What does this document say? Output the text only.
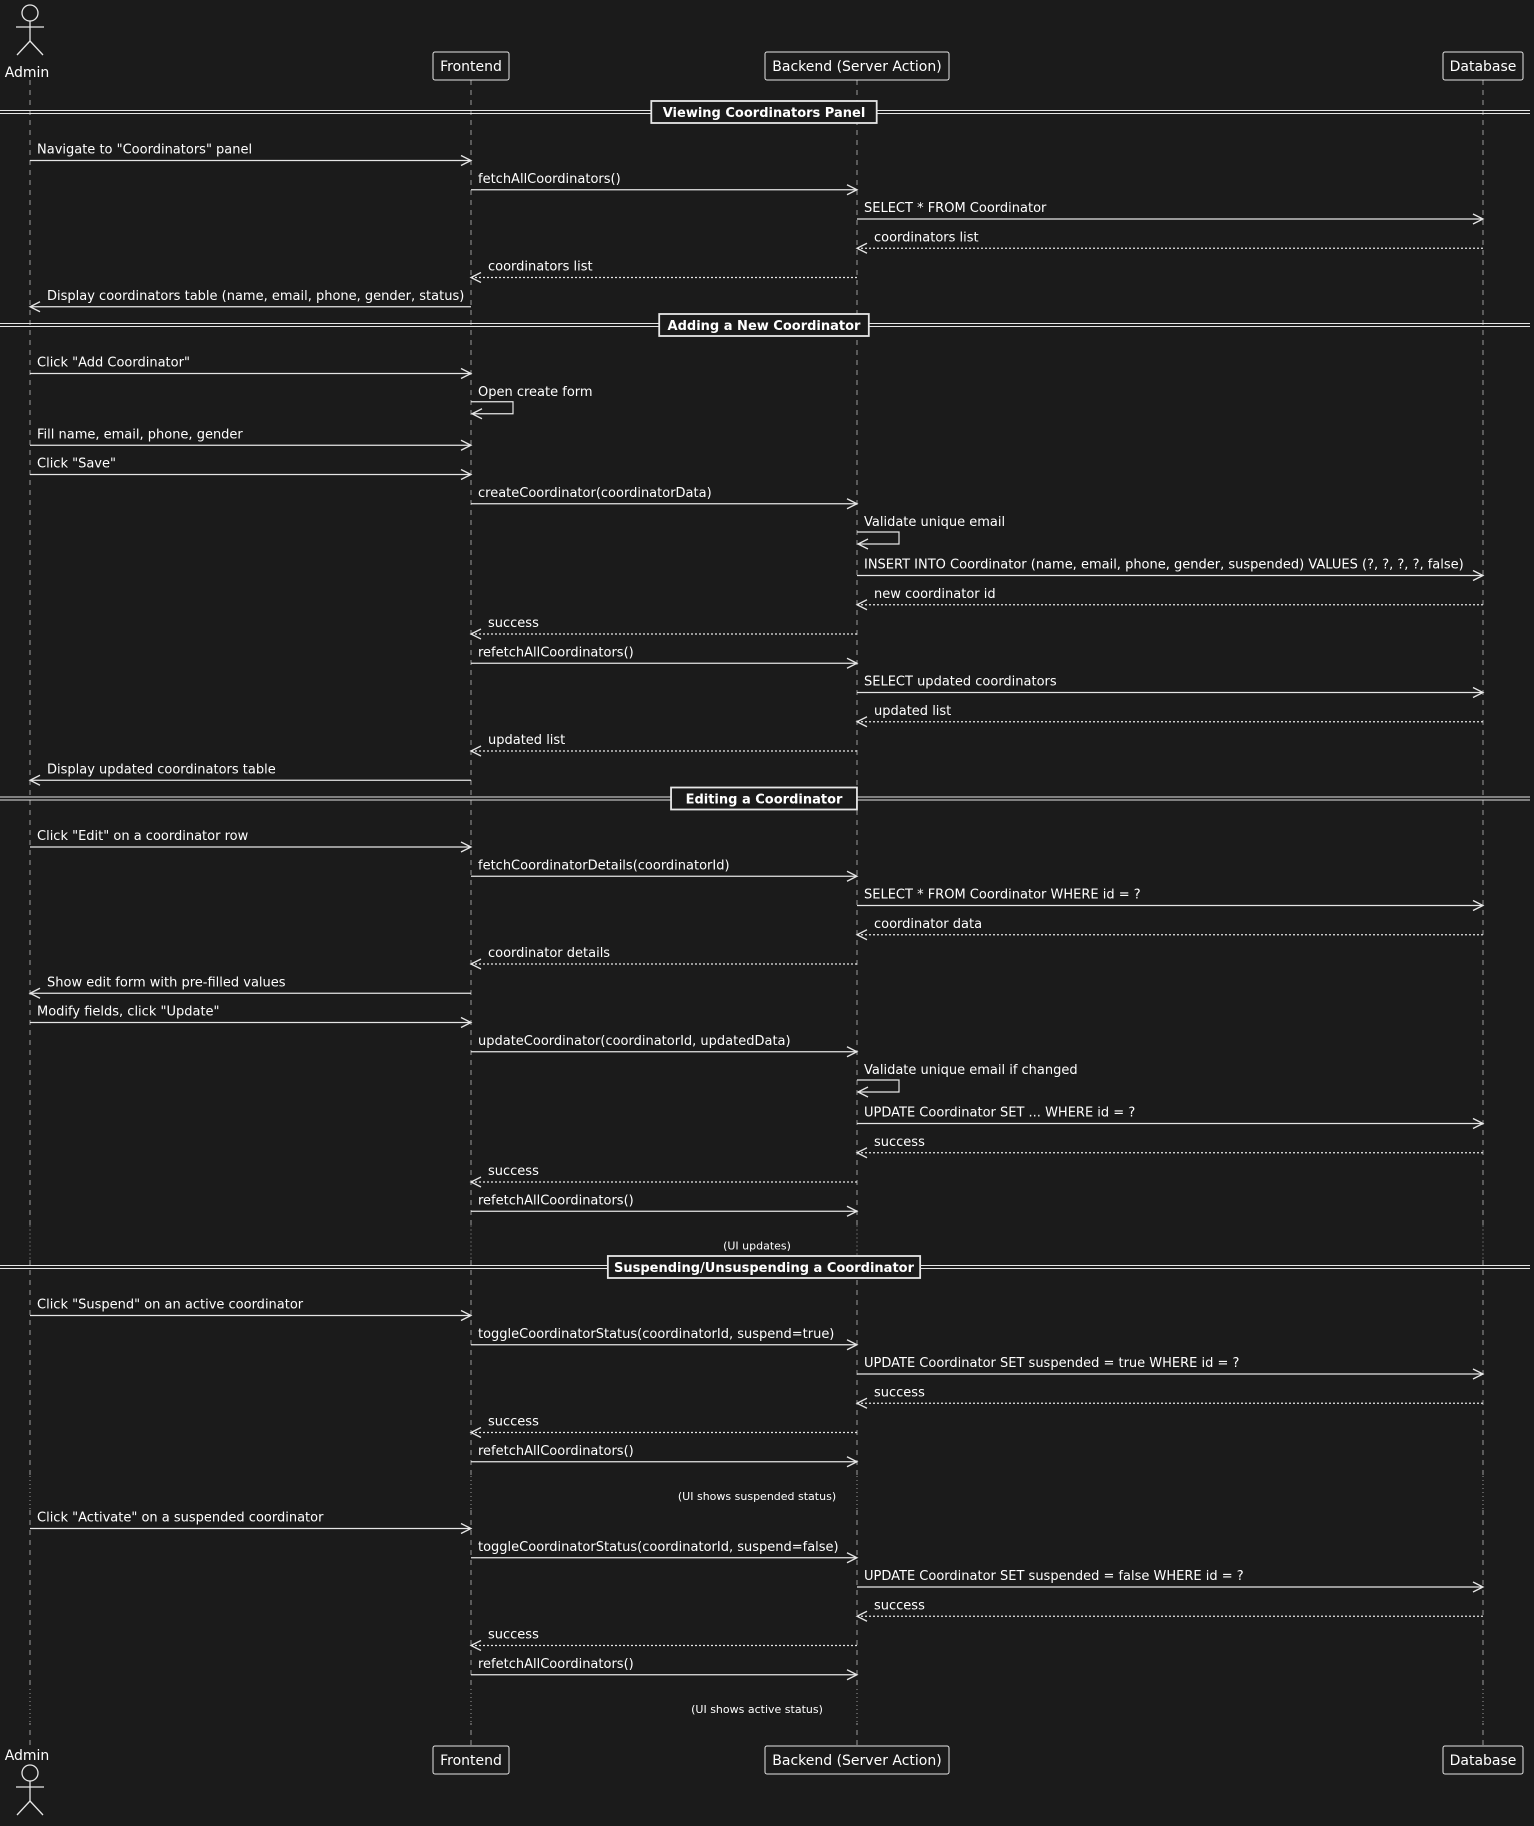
Admin
Admin
Frontend
Frontend
Backend (Server Action)
Backend (Server Action)
Database
Database
Viewing Coordinators Panel
Navigate to "Coordinators" panel
fetchAllCoordinators()
SELECT * FROM Coordinator
coordinators list
coordinators list
Display coordinators table (name, email, phone, gender, status)
Adding a New Coordinator
Click "Add Coordinator"
Open create form
Fill name, email, phone, gender
Click "Save"
createCoordinator(coordinatorData)
Validate unique email
INSERT INTO Coordinator (name, email, phone, gender, suspended) VALUES (?, ?, ?, ?, false)
new coordinator id
success
refetchAllCoordinators()
SELECT updated coordinators
updated list
updated list
Display updated coordinators table
Editing a Coordinator
Click "Edit" on a coordinator row
fetchCoordinatorDetails(coordinatorId)
SELECT * FROM Coordinator WHERE id = ?
coordinator data
coordinator details
Show edit form with pre-filled values
Modify fields, click "Update"
updateCoordinator(coordinatorId, updatedData)
Validate unique email if changed
UPDATE Coordinator SET ... WHERE id = ?
success
success
refetchAllCoordinators()
(UI updates)
Suspending/Unsuspending a Coordinator
Click "Suspend" on an active coordinator
toggleCoordinatorStatus(coordinatorId, suspend=true)
UPDATE Coordinator SET suspended = true WHERE id = ?
success
success
refetchAllCoordinators()
(UI shows suspended status)
Click "Activate" on a suspended coordinator
toggleCoordinatorStatus(coordinatorId, suspend=false)
UPDATE Coordinator SET suspended = false WHERE id = ?
success
success
refetchAllCoordinators()
(UI shows active status)
